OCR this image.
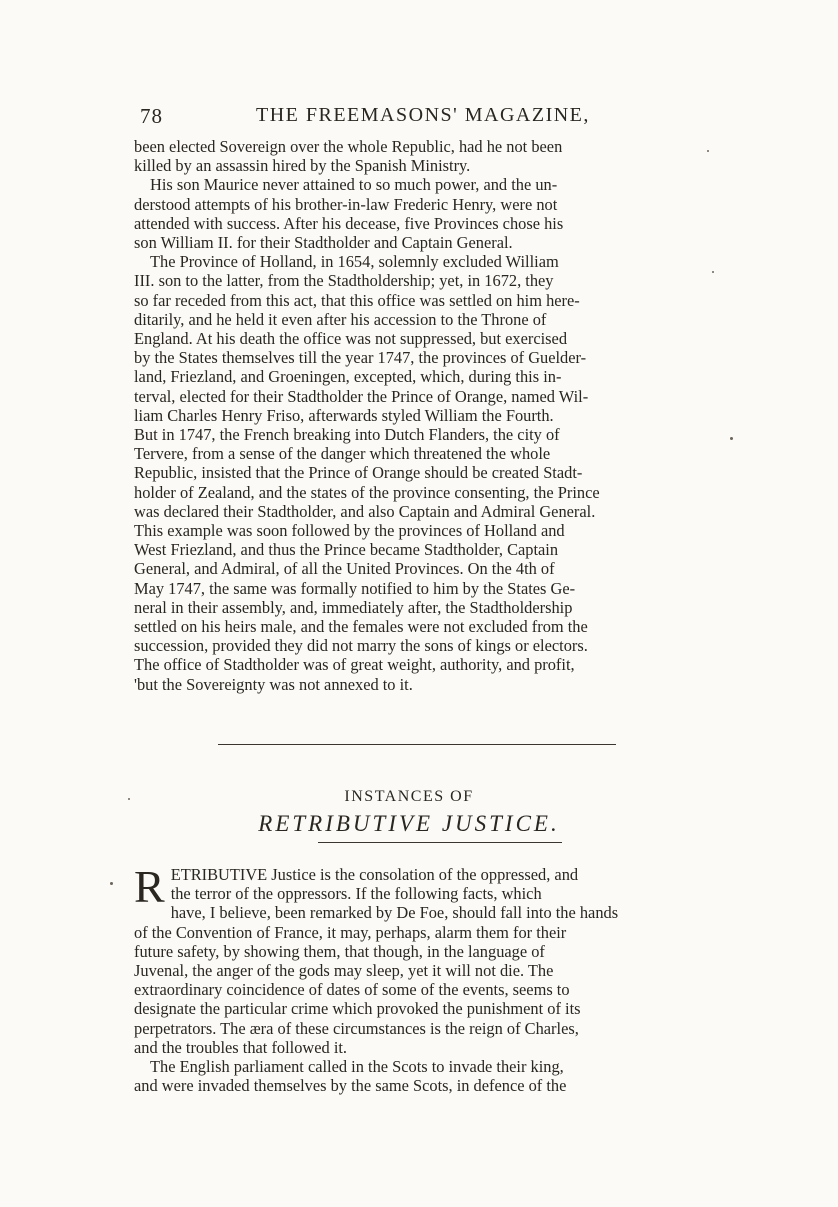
78	THE FREEMASONS' MAGAZINE,

been elected Sovereign over the whole Republic, had he not been
killed by an assassin hired by the Spanish Ministry.

His son Maurice never attained to so much power, and the un-
derstood attempts of his brother-in-law Frederic Henry, were not
attended with success. After his decease, five Provinces chose his
son William II. for their Stadtholder and Captain General.

The Province of Holland, in 1654, solemnly excluded William
III. son to the latter, from the Stadtholdership; yet, in 1672, they
so far receded from this act, that this office was settled on him here-
ditarily, and he held it even after his accession to the Throne of
England. At his death the office was not suppressed, but exercised
by the States themselves till the year 1747, the provinces of Guelder-
land, Friezland, and Groeningen, excepted, which, during this in-
terval, elected for their Stadtholder the Prince of Orange, named Wil-
liam Charles Henry Friso, afterwards styled William the Fourth.
But in 1747, the French breaking into Dutch Flanders, the city of
Tervere, from a sense of the danger which threatened the whole
Republic, insisted that the Prince of Orange should be created Stadt-
holder of Zealand, and the states of the province consenting, the Prince
was declared their Stadtholder, and also Captain and Admiral General.
This example was soon followed by the provinces of Holland and
West Friezland, and thus the Prince became Stadtholder, Captain
General, and Admiral, of all the United Provinces. On the 4th of
May 1747, the same was formally notified to him by the States Ge-
neral in their assembly, and, immediately after, the Stadtholdership
settled on his heirs male, and the females were not excluded from the
succession, provided they did not marry the sons of kings or electors.
The office of Stadtholder was of great weight, authority, and profit,
'but the Sovereignty was not annexed to it.

INSTANCES OF
RETRIBUTIVE JUSTICE.

RETRIBUTIVE Justice is the consolation of the oppressed, and
the terror of the oppressors. If the following facts, which
have, I believe, been remarked by De Foe, should fall into the hands
of the Convention of France, it may, perhaps, alarm them for their
future safety, by showing them, that though, in the language of
Juvenal, the anger of the gods may sleep, yet it will not die. The
extraordinary coincidence of dates of some of the events, seems to
designate the particular crime which provoked the punishment of its
perpetrators. The æra of these circumstances is the reign of Charles,
and the troubles that followed it.

The English parliament called in the Scots to invade their king,
and were invaded themselves by the same Scots, in defence of the
